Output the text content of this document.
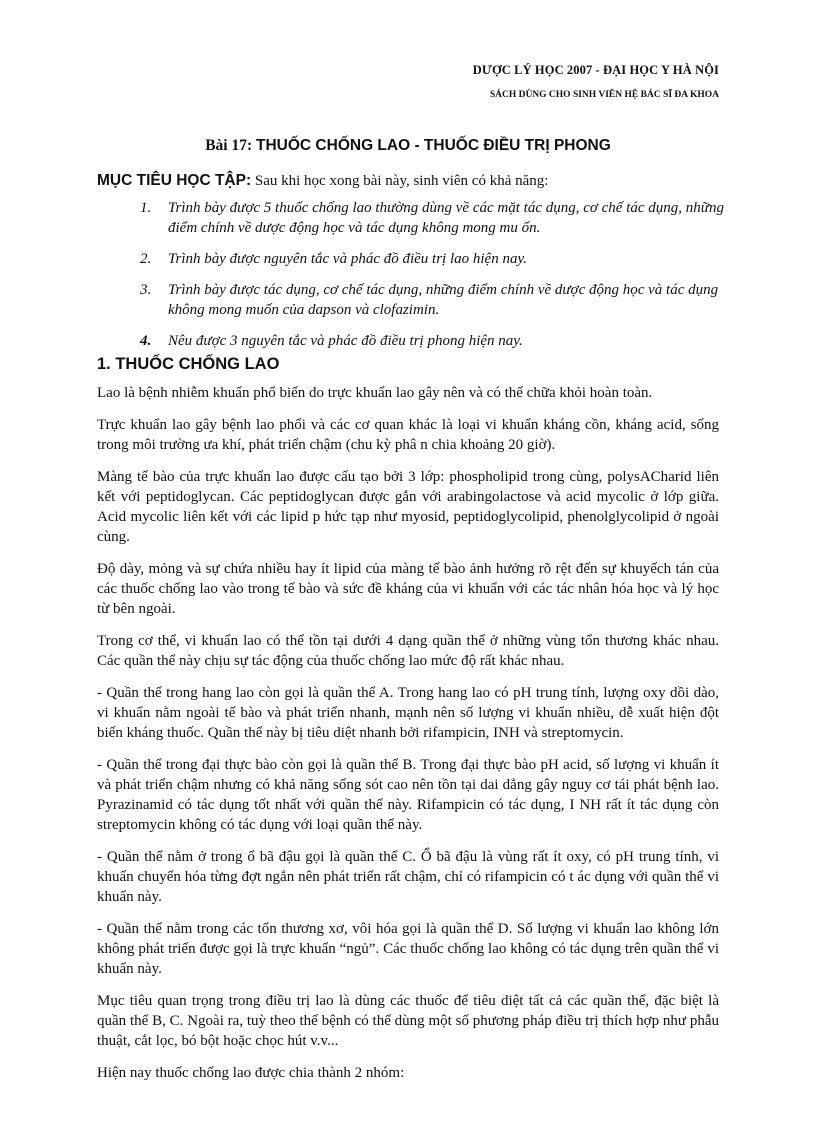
DƯỢC LÝ HỌC 2007 - ĐẠI HỌC Y HÀ NỘI
SÁCH DÙNG CHO SINH VIÊN HỆ BÁC SĨ ĐA KHOA
Bài 17: THUỐC CHỐNG LAO - THUỐC ĐIỀU TRỊ PHONG
MỤC TIÊU HỌC TẬP: Sau khi học xong bài này, sinh viên có khả năng:
1. Trình bày được 5 thuốc chống lao thường dùng về các mặt tác dụng, cơ chế tác dụng, những điểm chính về dược động học và tác dụng không mong mu ốn.
2. Trình bày được nguyên tắc và phác đồ điều trị lao hiện nay.
3. Trình bày được tác dụng, cơ chế tác dụng, những điểm chính về dược động học và tác dụng không mong muốn của dapson và clofazimin.
4. Nêu được 3 nguyên tắc và phác đồ điều trị phong hiện nay.
1. THUỐC CHỐNG LAO

Lao là bệnh nhiễm khuẩn phổ biến do trực khuẩn lao gây nên và có thể chữa khỏi hoàn toàn.

Trực khuẩn lao gây bệnh lao phổi và các cơ quan khác là loại vi khuẩn kháng cồn, kháng acid, sống trong môi trường ưa khí, phát triển chậm (chu kỳ phâ n chia khoảng 20 giờ).

Màng tế bào của trực khuẩn lao được cấu tạo bởi 3 lớp: phospholipid trong cùng, polysACharid liên kết với peptidoglycan. Các peptidoglycan được gắn với arabingolactose và acid mycolic ở lớp giữa. Acid mycolic liên kết với các lipid p hức tạp như myosid, peptidoglycolipid, phenolglycolipid ở ngoài cùng.

Độ dày, mỏng và sự chứa nhiều hay ít lipid của màng tế bào ảnh hưởng rõ rệt đến sự khuyếch tán của các thuốc chống lao vào trong tế bào và sức đề kháng của vi khuẩn với các tác nhân hóa học và lý học từ bên ngoài.

Trong cơ thể, vi khuẩn lao có thể tồn tại dưới 4 dạng quần thể ở những vùng tổn thương khác nhau. Các quần thể này chịu sự tác động của thuốc chống lao mức độ rất khác nhau.

- Quần thể trong hang lao còn gọi là quần thể A. Trong hang lao có pH trung tính, lượng oxy dồi dào, vi khuẩn nằm ngoài tế bào và phát triển nhanh, mạnh nên số lượng vi khuẩn nhiều, dễ xuất hiện đột biến kháng thuốc. Quần thể này bị tiêu diệt nhanh bởi rifampicin, INH và streptomycin.

- Quần thể trong đại thực bào còn gọi là quần thể B. Trong đại thực bào pH acid, số lượng vi khuẩn ít và phát triển chậm nhưng có khả năng sống sót cao nên tồn tại dai dẳng gây nguy cơ tái phát bệnh lao. Pyrazinamid có tác dụng tốt nhất với quần thể này. Rifampicin có tác dụng, I NH rất ít tác dụng còn streptomycin không có tác dụng với loại quần thể này.

- Quần thể nằm ở trong ổ bã đậu gọi là quần thể C. Ổ bã đậu là vùng rất ít oxy, có pH trung tính, vi khuẩn chuyển hóa từng đợt ngắn nên phát triển rất chậm, chỉ có rifampicin có t ác dụng với quần thể vi khuẩn này.

- Quần thể nằm trong các tổn thương xơ, vôi hóa gọi là quần thể D. Số lượng vi khuẩn lao không lớn không phát triển được gọi là trực khuẩn “ngủ”. Các thuốc chống lao không có tác dụng trên quần thể vi khuẩn này.

Mục tiêu quan trọng trong điều trị lao là dùng các thuốc để tiêu diệt tất cả các quần thể, đặc biệt là quần thể B, C. Ngoài ra, tuỳ theo thể bệnh có thể dùng một số phương pháp điều trị thích hợp như phẫu thuật, cắt lọc, bó bột hoặc chọc hút v.v...

Hiện nay thuốc chống lao được chia thành 2 nhóm:
